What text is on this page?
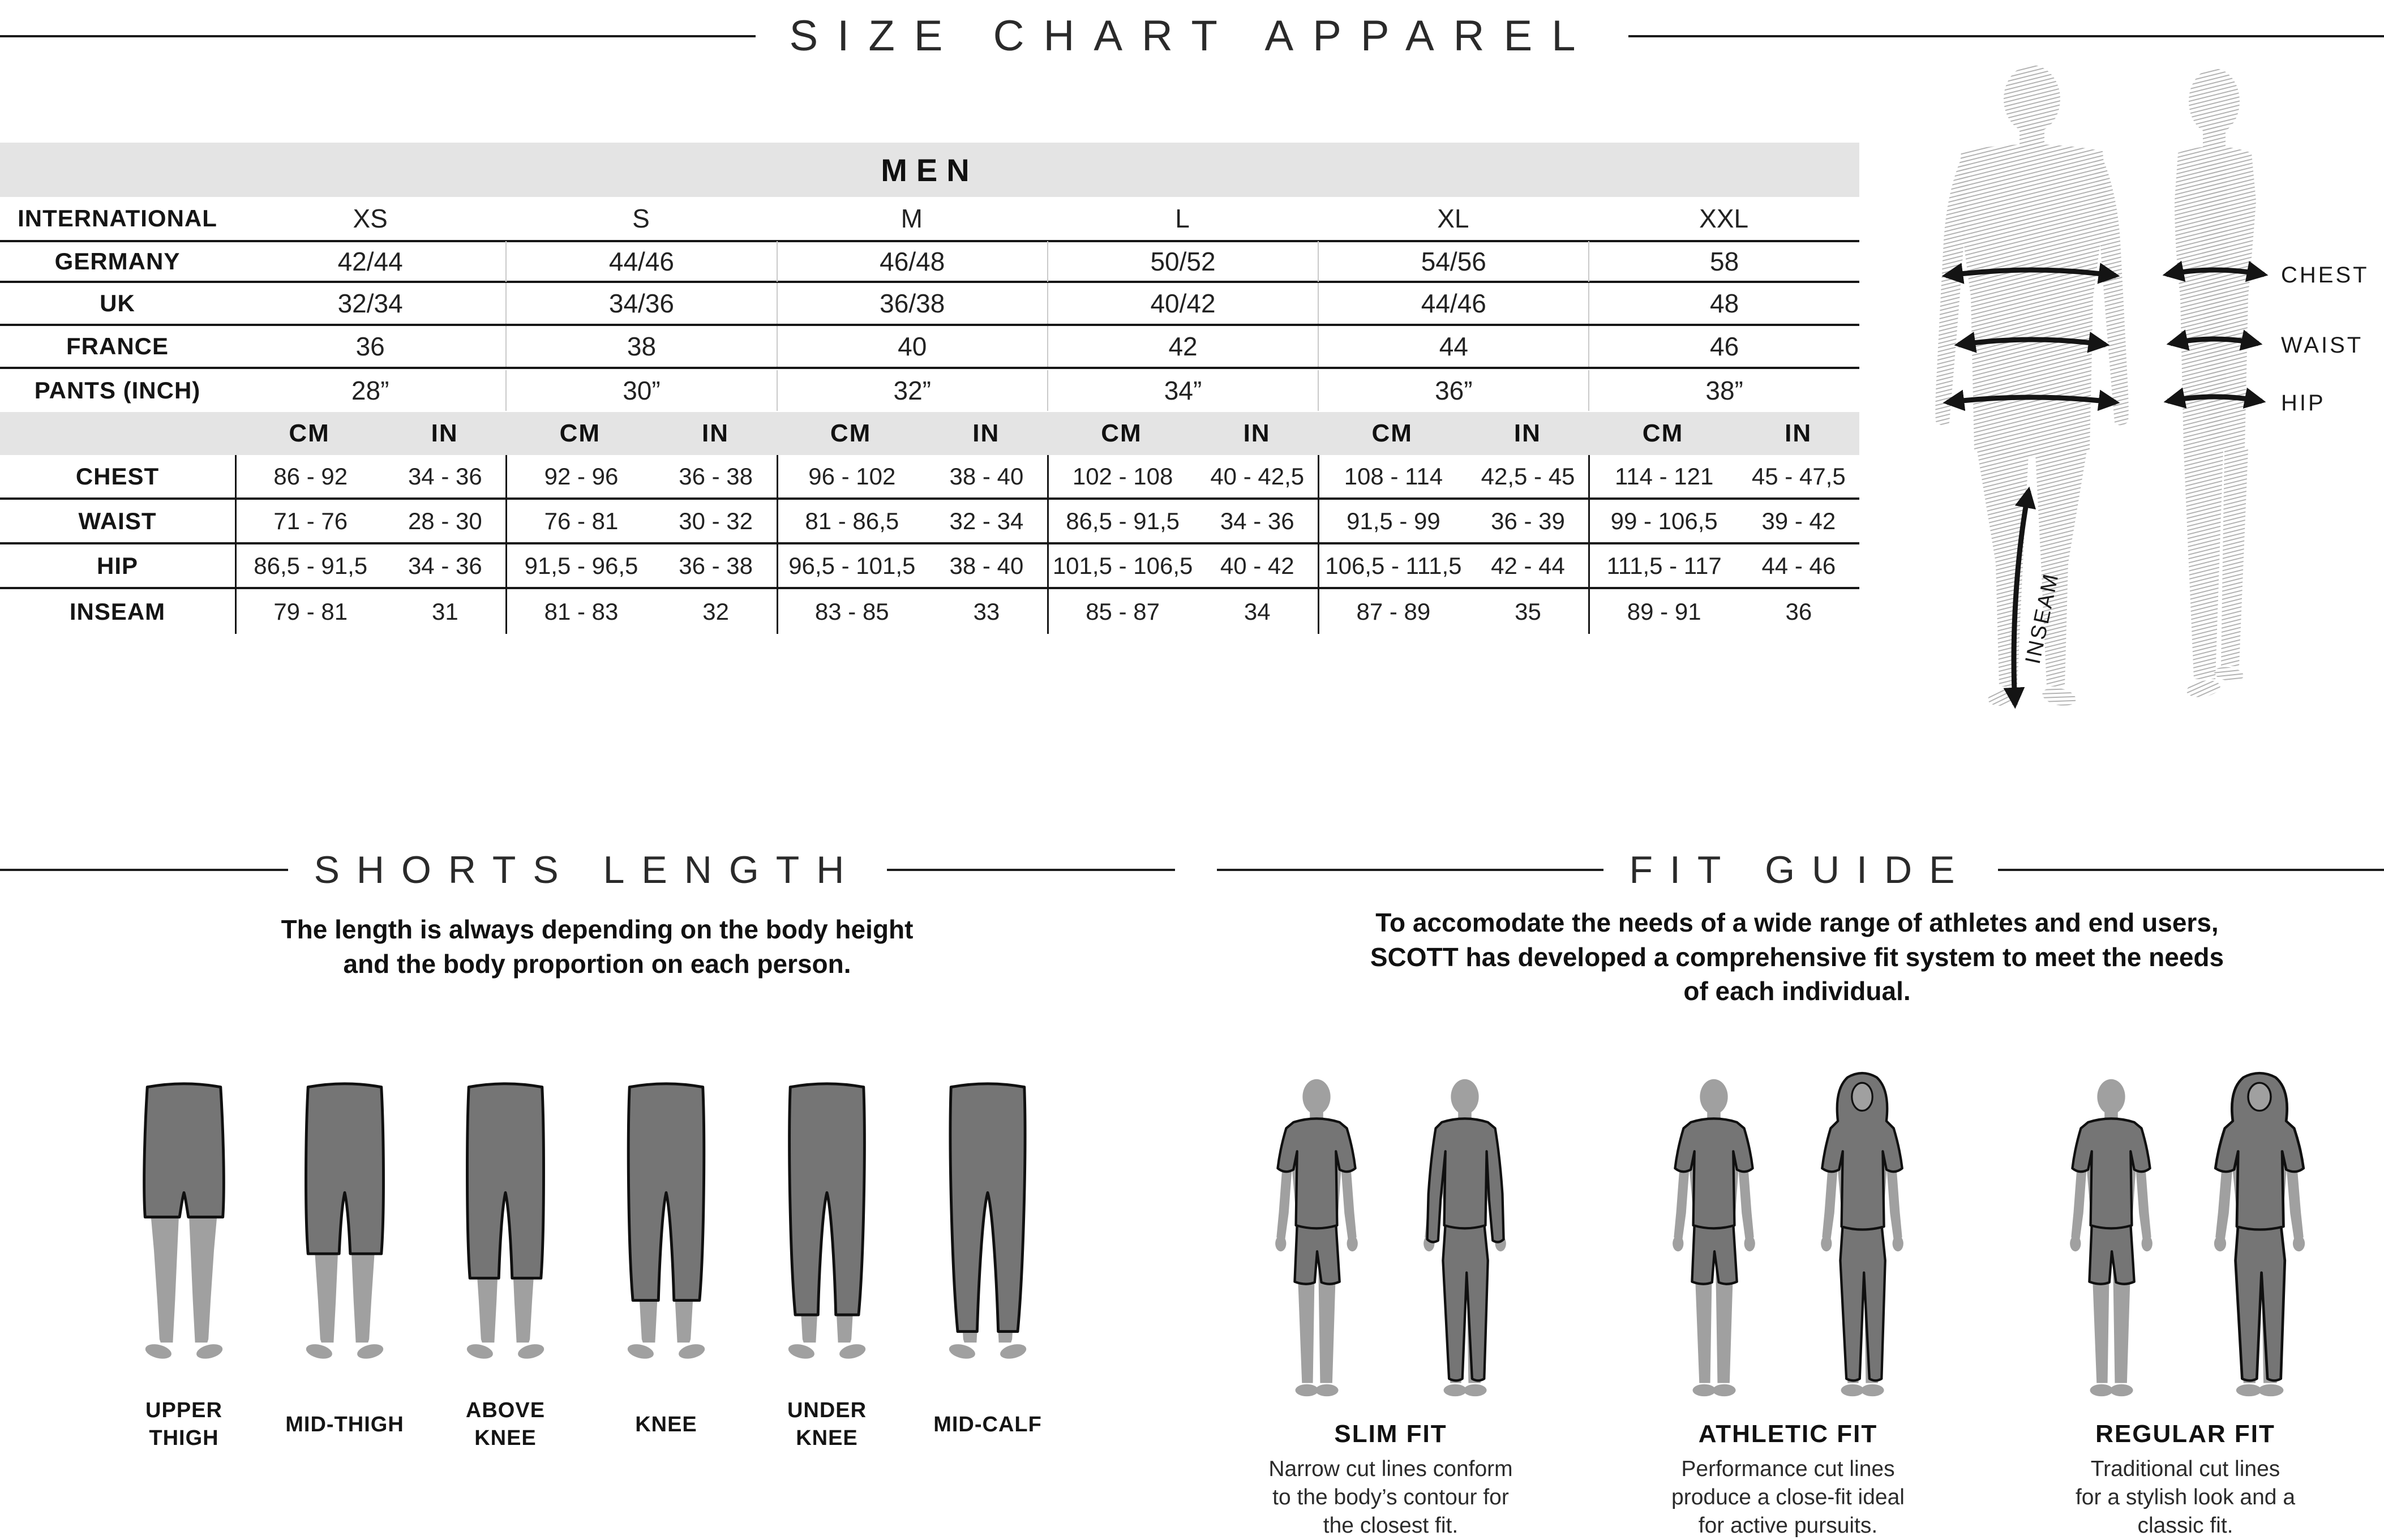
SIZE CHART APPAREL
MEN
INTERNATIONAL	XS	S	M	L	XL	XXL
GERMANY	42/44	44/46	46/48	50/52	54/56	58
UK	32/34	34/36	36/38	40/42	44/46	48
FRANCE	36	38	40	42	44	46
PANTS (INCH)	28”	30”	32”	34”	36”	38”
CM	IN	CM	IN	CM	IN	CM	IN	CM	IN	CM	IN
CHEST	86 - 92	34 - 36	92 - 96	36 - 38	96 - 102	38 - 40	102 - 108	40 - 42,5	108 - 114	42,5 - 45	114 - 121	45 - 47,5
WAIST	71 - 76	28 - 30	76 - 81	30 - 32	81 - 86,5	32 - 34	86,5 - 91,5	34 - 36	91,5 - 99	36 - 39	99 - 106,5	39 - 42
HIP	86,5 - 91,5	34 - 36	91,5 - 96,5	36 - 38	96,5 - 101,5	38 - 40	101,5 - 106,5	40 - 42	106,5 - 111,5	42 - 44	111,5 - 117	44 - 46
INSEAM	79 - 81	31	81 - 83	32	83 - 85	33	85 - 87	34	87 - 89	35	89 - 91	36
CHEST
WAIST
HIP
INSEAM
SHORTS LENGTH	FIT GUIDE
The length is always depending on the body height
and the body proportion on each person.
To accomodate the needs of a wide range of athletes and end users,
SCOTT has developed a comprehensive fit system to meet the needs
of each individual.
UPPER
THIGH
MID-THIGH
ABOVE
KNEE
KNEE
UNDER
KNEE
MID-CALF	SLIM FIT
Narrow cut lines conform
to the body’s contour for
the closest fit.
ATHLETIC FIT
Performance cut lines
produce a close-fit ideal
for active pursuits.
REGULAR FIT
Traditional cut lines
for a stylish look and a
classic fit.
